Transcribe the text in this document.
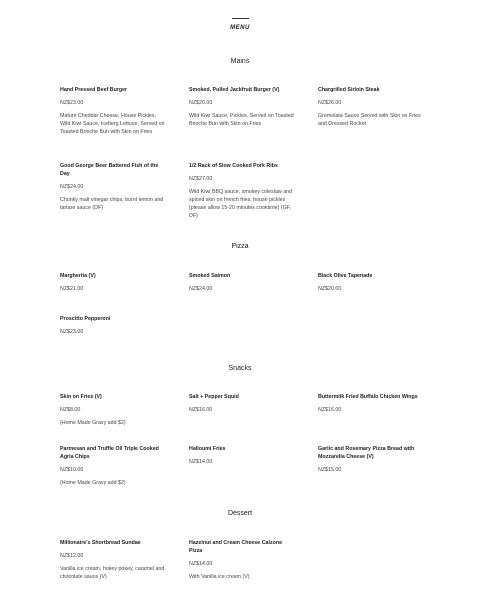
MENU
Mains
Hand Pressed Beef Burger
NZ$23.00
Mature Cheddar Cheese, House Pickles, Wild Kiwi Sauce, Iceberg Lettuce, Served on Toasted Brioche Bun with Skin on Fries
Smoked, Pulled Jackfruit Burger (V)
NZ$20.00
Wild Kiwi Sauce, Pickles, Served on Toasted Brioche Bun with Skin on Fries
Chargrilled Sirloin Steak
NZ$26.00
Gremolata Sauce Served with Skin on Fries and Dressed Rocket
Good George Beer Battered Fish of the Day
NZ$24.00
Chunky malt vinegar chips, burnt lemon and tartare sauce (DF)
1/2 Rack of Slow Cooked Pork Ribs
NZ$27.00
Wild Kiwi BBQ sauce, smokey coleslaw and spiced skin on french fries, house pickles (please allow 15-20 minutes cooktime) (GF, DF)
Pizza
Margherita (V)
NZ$21.00
Smoked Salmon
NZ$24.00
Black Olive Tapenade
NZ$20.00
Proscitto Pepperoni
NZ$23.00
Snacks
Skin on Fries (V)
NZ$8.00
(Home Made Gravy add $2)
Salt + Pepper Squid
NZ$16.00
Buttermilk Fried Buffalo Chicken Wings
NZ$16.00
Parmesan and Truffle Oil Triple Cooked Agria Chips
NZ$10.00
(Home Made Gravy add $2)
Halloumi Fries
NZ$14.00
Garlic and Rosemary Pizza Bread with Mozzarella Cheese (V)
NZ$15.00
Dessert
Millionaire's Shortbread Sundae
NZ$12.00
Vanilla ice cream, hokey pokey, caramel and chocolate sauce (V)
Hazelnut and Cream Cheese Calzone Pizza
NZ$14.00
With Vanilla ice cream (V)
